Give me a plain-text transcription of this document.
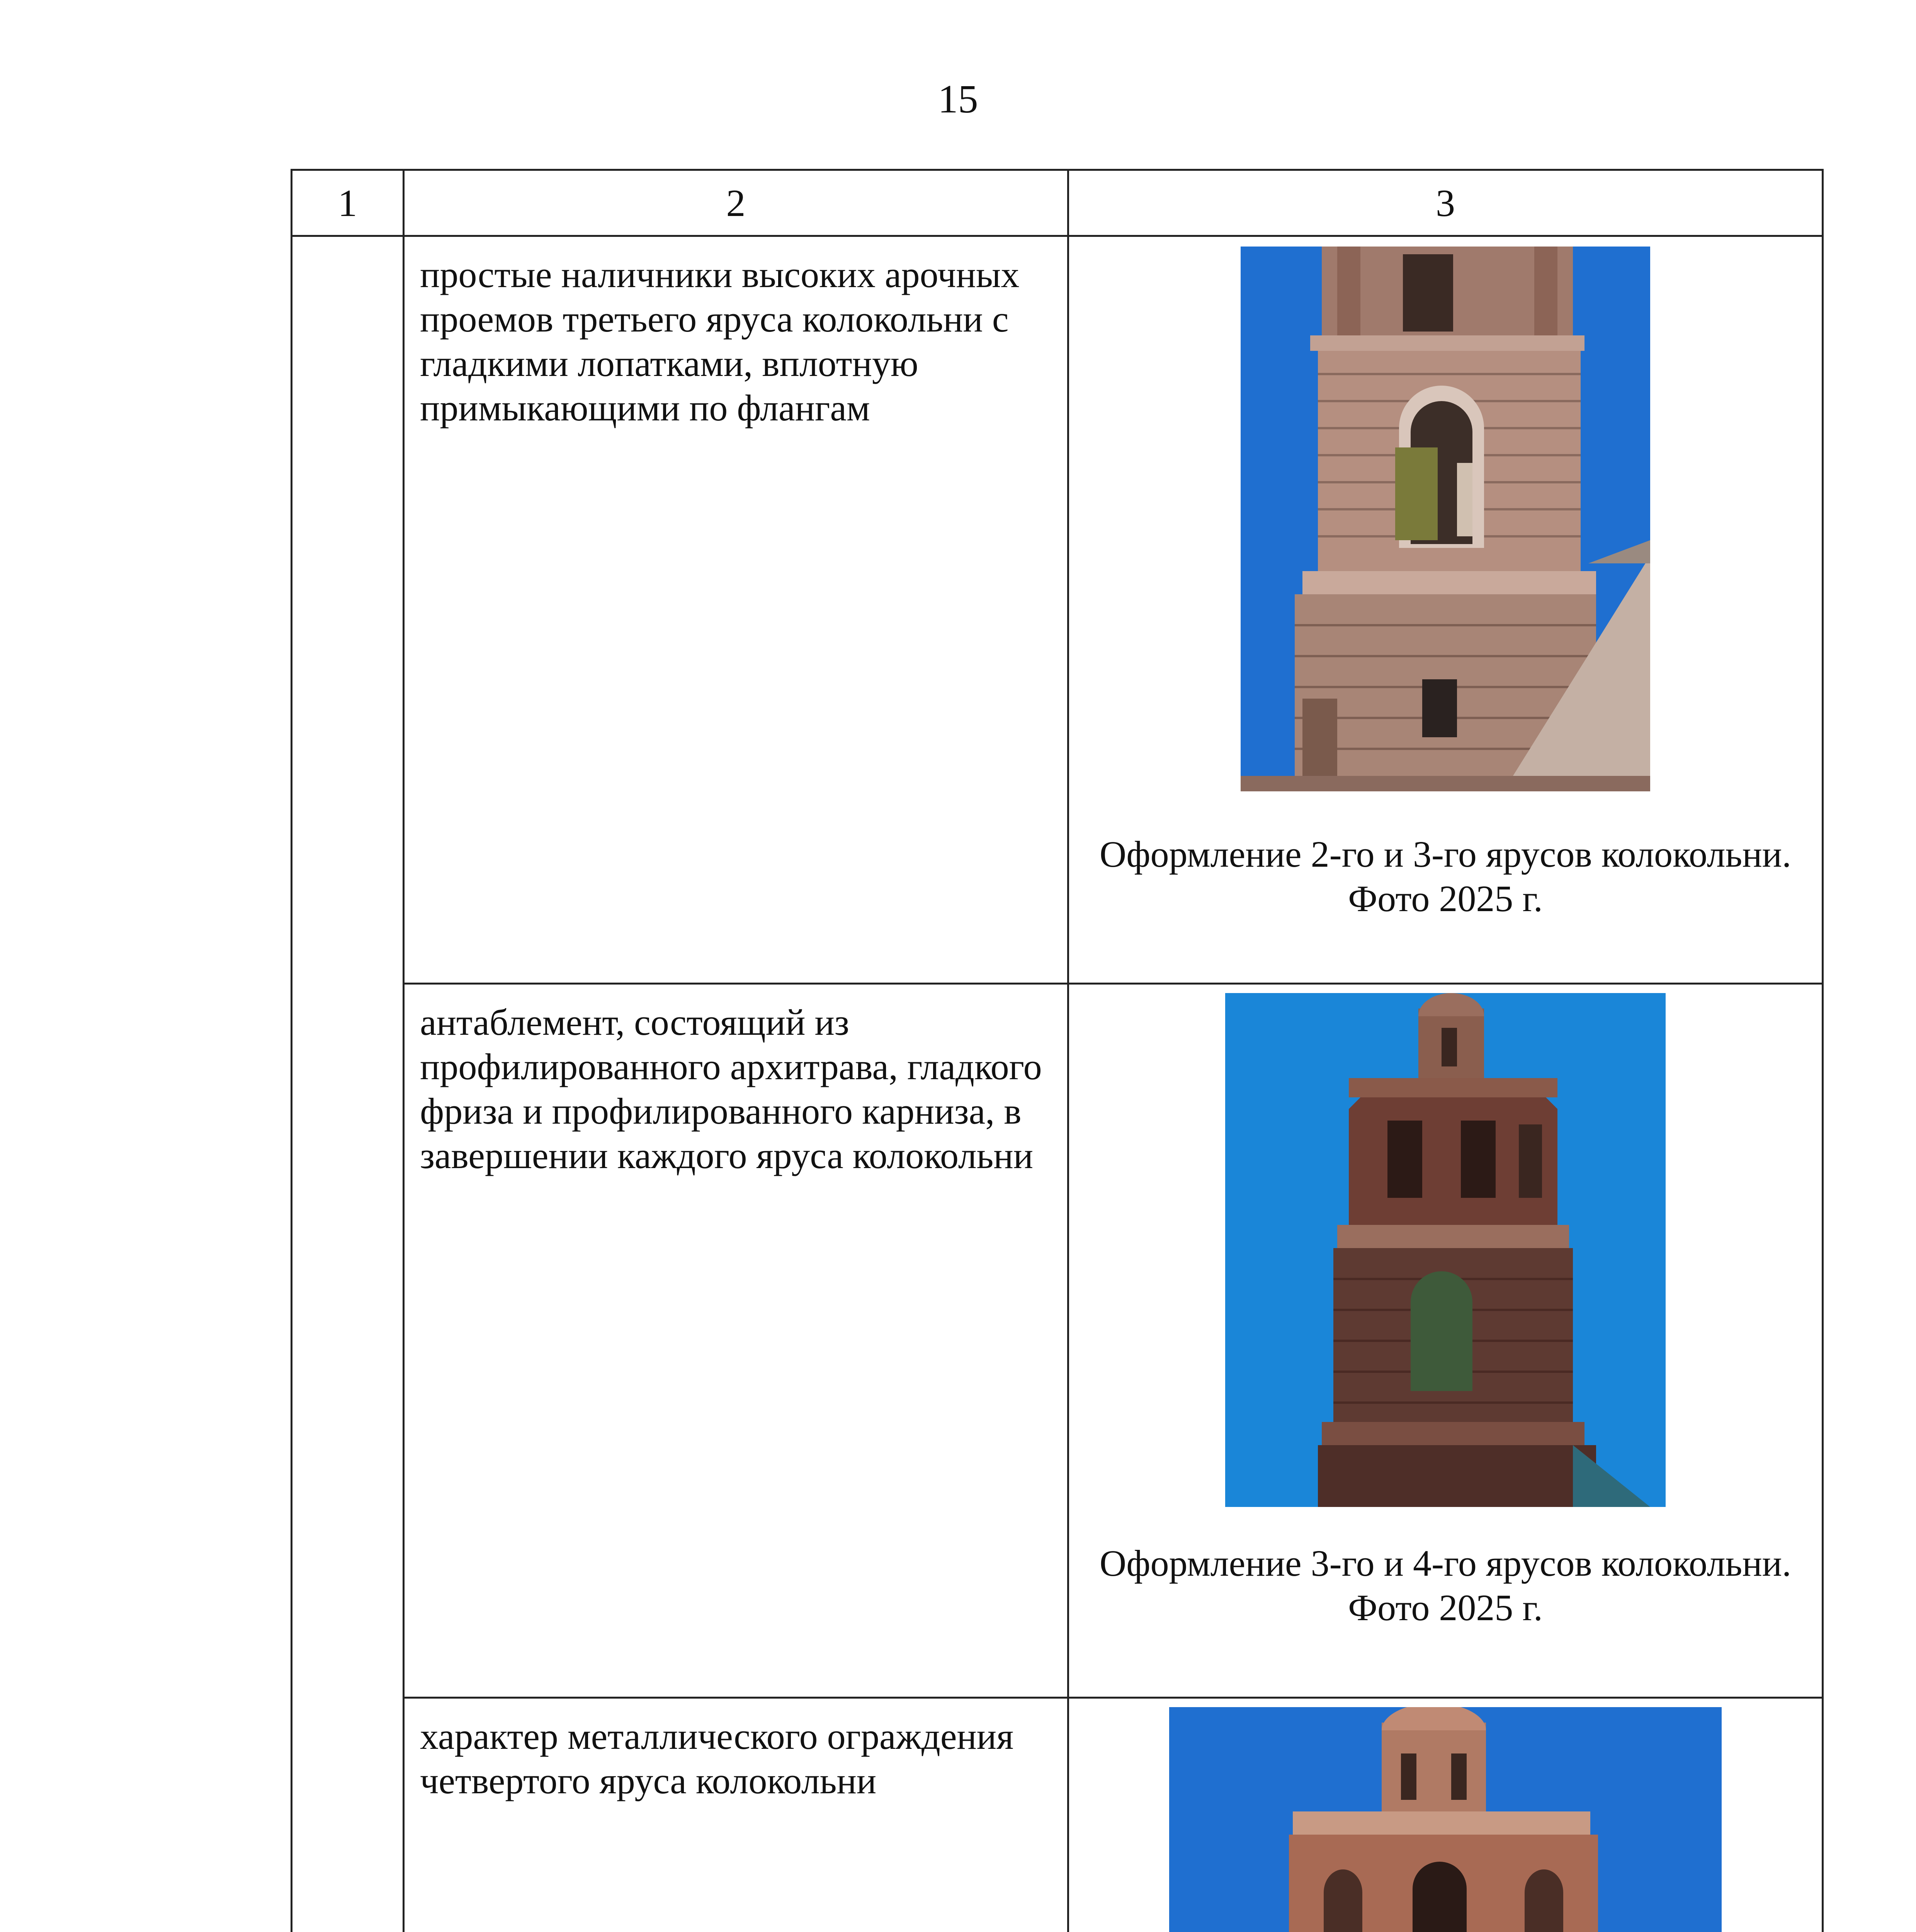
15
1	2	3

	простые наличники высоких арочных проемов третьего яруса колокольни с гладкими лопатками, вплотную примыкающими по флангам	Оформление 2-го и 3-го ярусов колокольни.
Фото 2025 г.

	антаблемент, состоящий из профилированного архитрава, гладкого фриза и профилированного карниза, в завершении каждого яруса колокольни	Оформление 3-го и 4-го ярусов колокольни.
Фото 2025 г.

	характер металлического ограждения четвертого яруса колокольни
